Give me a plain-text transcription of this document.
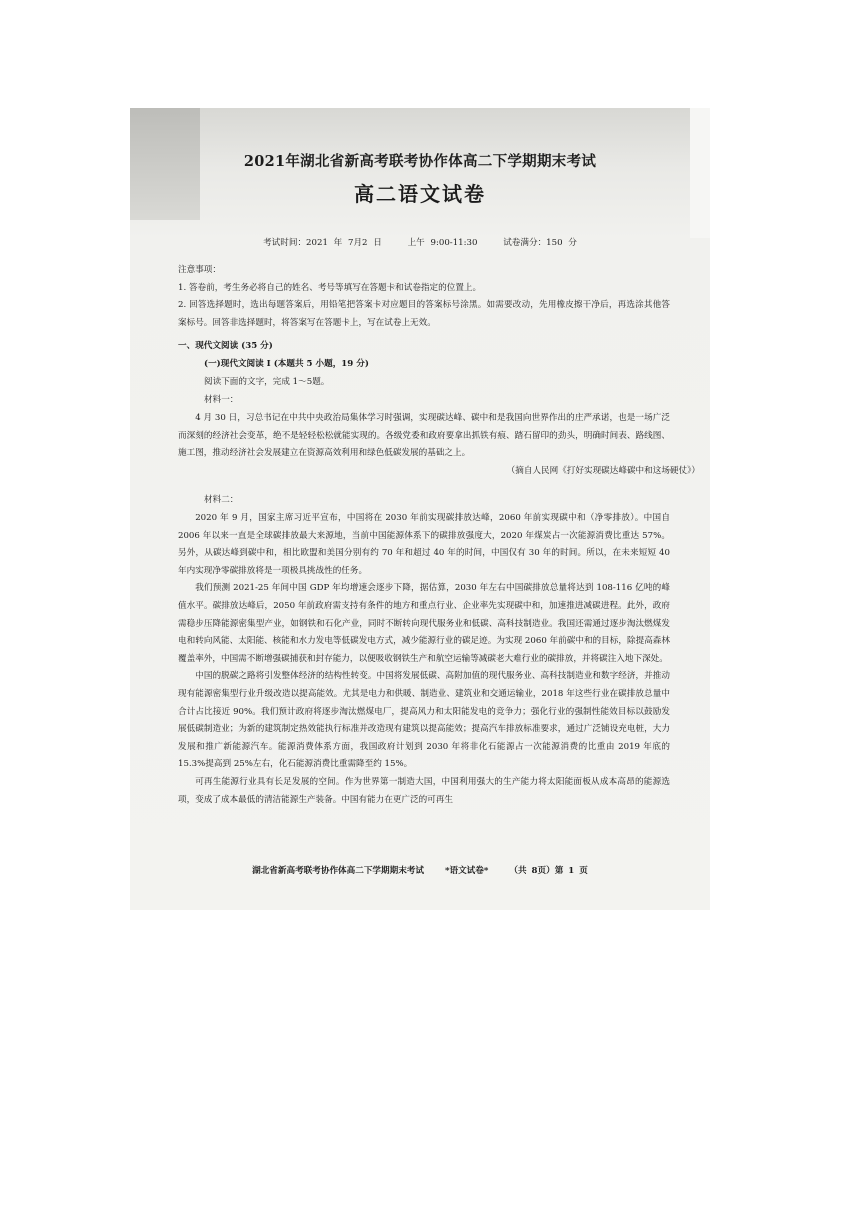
2021年湖北省新高考联考协作体高二下学期期末考试
高二语文试卷
考试时间：2021 年 7月2 日	上午 9:00-11:30	试卷满分：150 分

注意事项：

1. 答卷前，考生务必将自己的姓名、考号等填写在答题卡和试卷指定的位置上。

2. 回答选择题时，选出每题答案后，用铅笔把答案卡对应题目的答案标号涂黑。如需要改动，先用橡皮擦干净后，再选涂其他答案标号。回答非选择题时，将答案写在答题卡上，写在试卷上无效。

一、现代文阅读 (35 分)
(一)现代文阅读 I (本题共 5 小题，19 分)
阅读下面的文字，完成 1～5题。
材料一：

4 月 30 日，习总书记在中共中央政治局集体学习时强调，实现碳达峰、碳中和是我国向世界作出的庄严承诺，也是一场广泛而深刻的经济社会变革，绝不是轻轻松松就能实现的。各级党委和政府要拿出抓铁有痕、踏石留印的劲头，明确时间表、路线图、施工图，推动经济社会发展建立在资源高效利用和绿色低碳发展的基础之上。

（摘自人民网《打好实现碳达峰碳中和这场硬仗》）
材料二：

2020 年 9 月，国家主席习近平宣布，中国将在 2030 年前实现碳排放达峰，2060 年前实现碳中和（净零排放）。中国自 2006 年以来一直是全球碳排放最大来源地，当前中国能源体系下的碳排放强度大，2020 年煤炭占一次能源消费比重达 57%。另外，从碳达峰到碳中和，相比欧盟和美国分别有约 70 年和超过 40 年的时间，中国仅有 30 年的时间。所以，在未来短短 40 年内实现净零碳排放将是一项极具挑战性的任务。

我们预测 2021-25 年间中国 GDP 年均增速会逐步下降，据估算，2030 年左右中国碳排放总量将达到 108-116 亿吨的峰值水平。碳排放达峰后，2050 年前政府需支持有条件的地方和重点行业、企业率先实现碳中和，加速推进减碳进程。此外，政府需稳步压降能源密集型产业，如钢铁和石化产业，同时不断转向现代服务业和低碳、高科技制造业。我国还需通过逐步淘汰燃煤发电和转向风能、太阳能、核能和水力发电等低碳发电方式，减少能源行业的碳足迹。为实现 2060 年前碳中和的目标，除提高森林覆盖率外，中国需不断增强碳捕获和封存能力，以便吸收钢铁生产和航空运输等减碳老大难行业的碳排放，并将碳注入地下深处。

中国的脱碳之路将引发整体经济的结构性转变。中国将发展低碳、高附加值的现代服务业、高科技制造业和数字经济，并推动现有能源密集型行业升级改造以提高能效。尤其是电力和供暖、制造业、建筑业和交通运输业，2018 年这些行业在碳排放总量中合计占比接近 90%。我们预计政府将逐步淘汰燃煤电厂，提高风力和太阳能发电的竞争力；强化行业的强制性能效目标以鼓励发展低碳制造业；为新的建筑制定热效能执行标准并改造现有建筑以提高能效；提高汽车排放标准要求，通过广泛铺设充电桩，大力发展和推广新能源汽车。能源消费体系方面，我国政府计划到 2030 年将非化石能源占一次能源消费的比重由 2019 年底的 15.3%提高到 25%左右，化石能源消费比重需降至约 15%。

可再生能源行业具有长足发展的空间。作为世界第一制造大国，中国利用强大的生产能力将太阳能面板从成本高昂的能源选项，变成了成本最低的清洁能源生产装备。中国有能力在更广泛的可再生

湖北省新高考联考协作体高二下学期期末考试 *语文试卷* （共 8页）第 1 页
